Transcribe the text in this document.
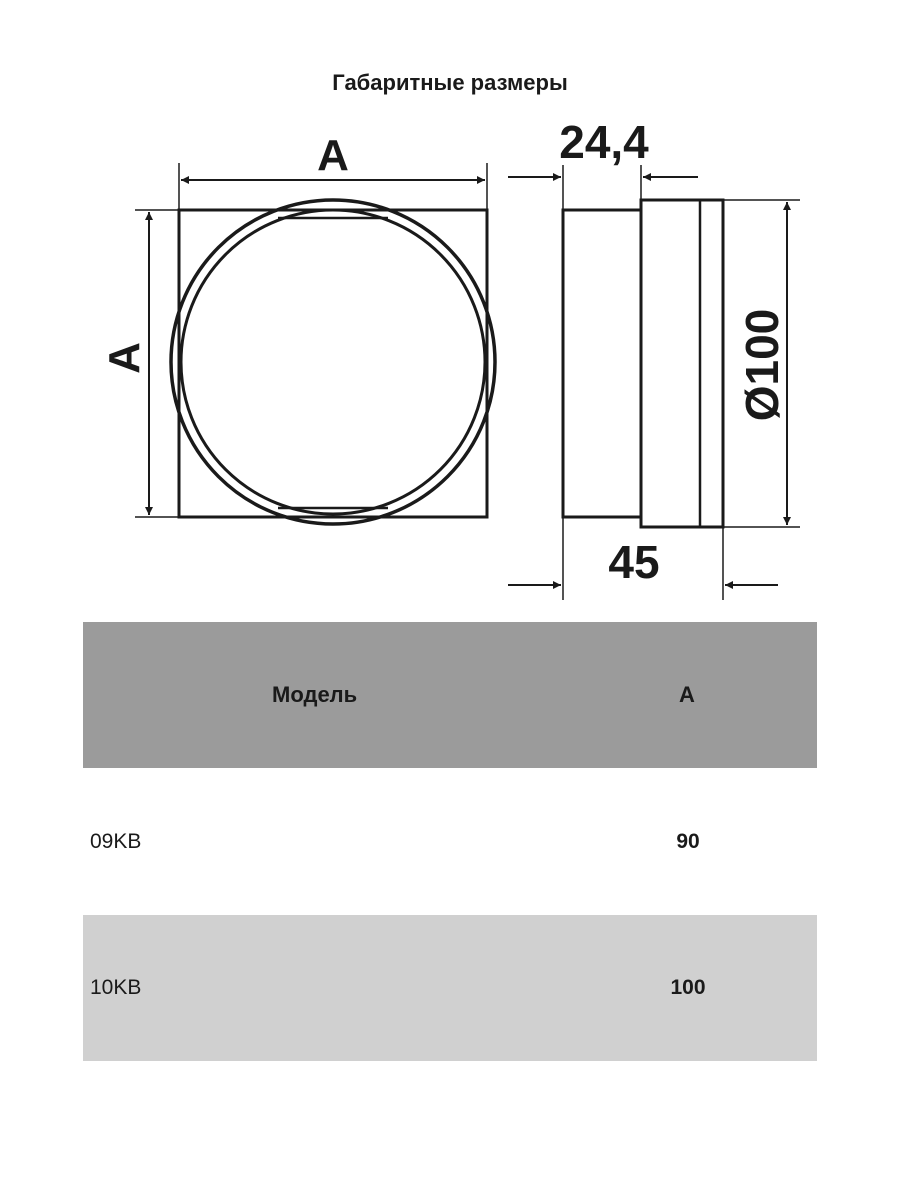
Габаритные размеры
A
A
24,4
45
Ø100
Модель	A
09KB	90
10KB	100
